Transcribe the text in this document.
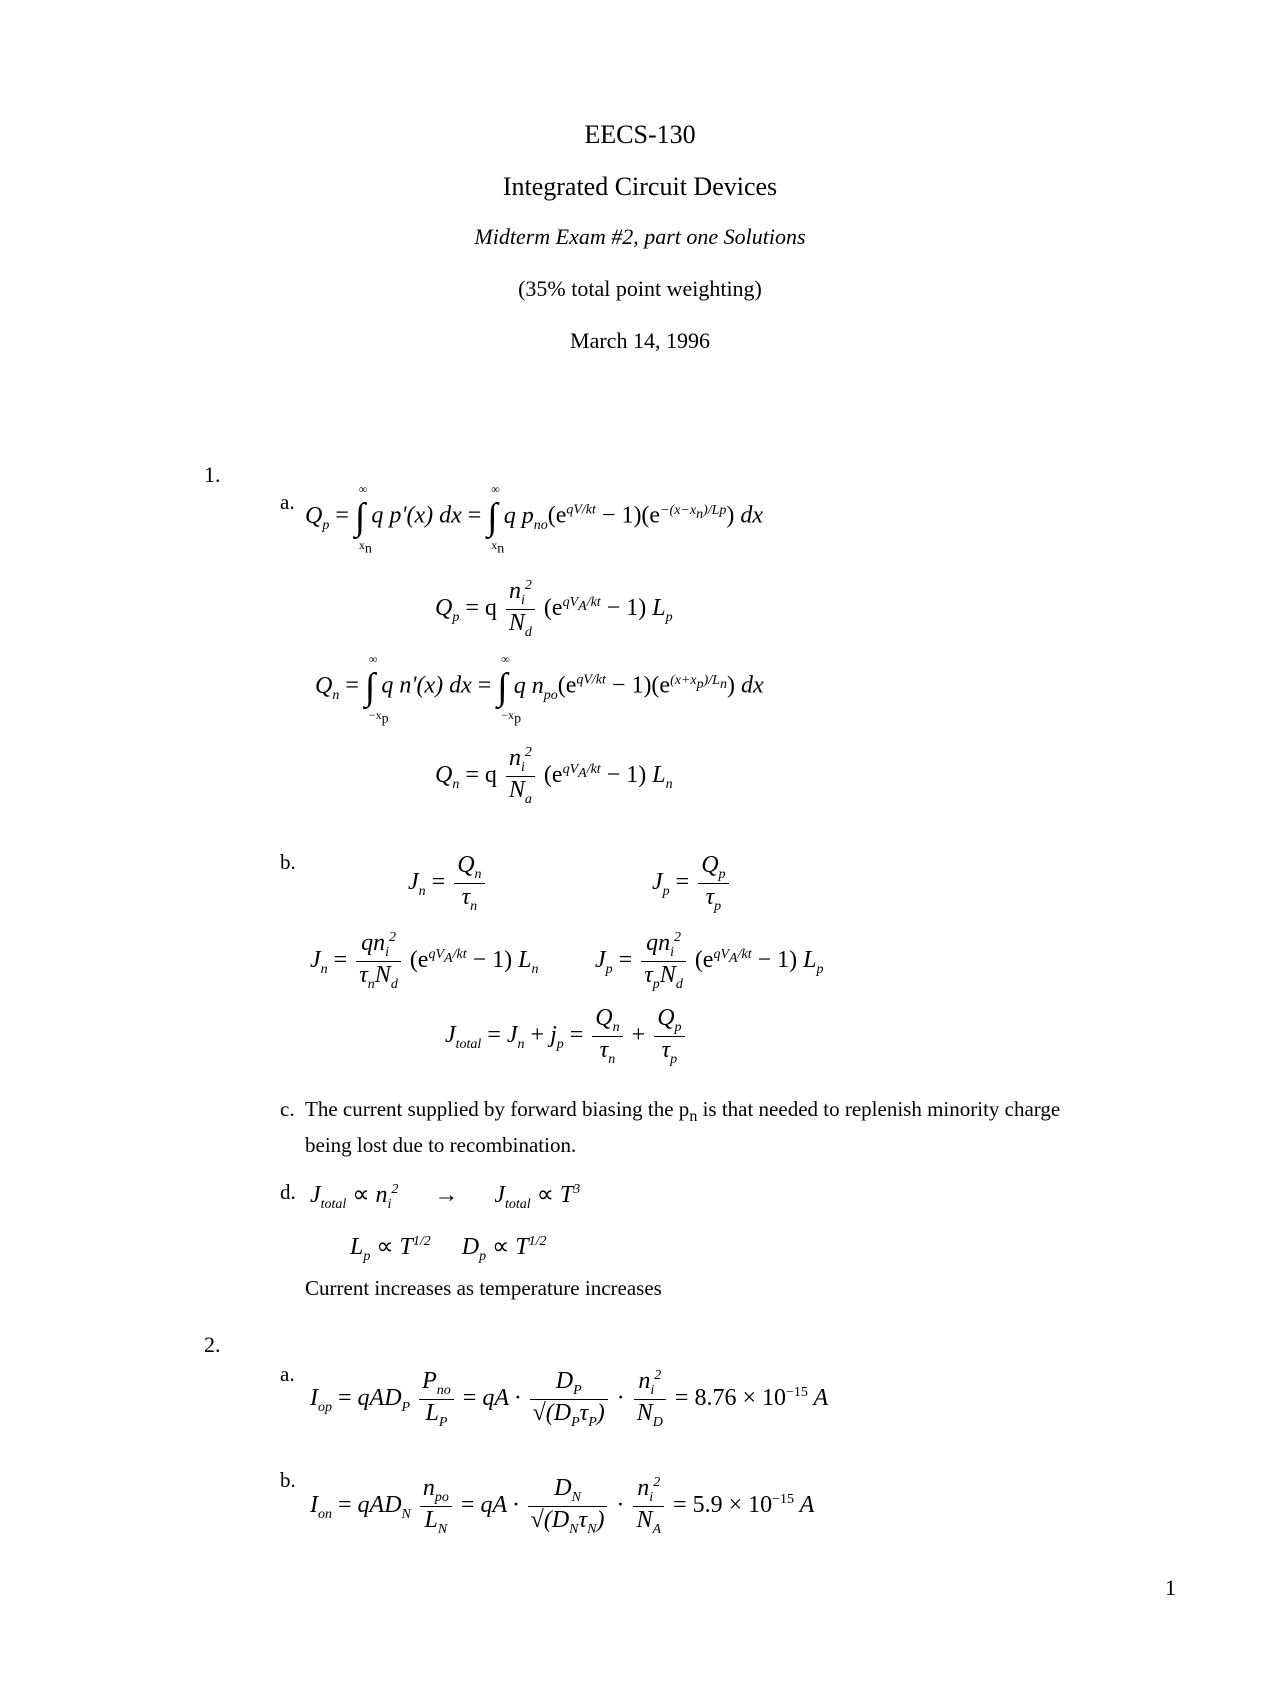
EECS-130
Integrated Circuit Devices
Midterm Exam #2, part one Solutions
(35% total point weighting)
March 14, 1996
1.
a.
$Q_p$ = ∫
∞
$x_n$
q p'(x) dx = ∫
∞
$x_n$
q $p_{no}(e^{qV/kt} - 1)(e^{-(x-x_n)/Lp})$ dx
$Q_p = q \frac{n_i^2}{N_d} (e^{qV_A/kt} - 1)$ $L_p$
$Q_n$ = ∫
∞
$-x_p$
q n'(x) dx = ∫
∞
$-x_p$
q $n_{po}(e^{qV/kt} - 1)(e^{(x+x_p)/L_n})$ dx
$Q_n = q \frac{n_i^2}{N_a} (e^{qV_A/kt} - 1)$ $L_n$
b.
$J_n = \frac{Q_n}{\tau_n}$	$J_p = \frac{Q_p}{\tau_p}$
$J_n = \frac{qn_i^2}{\tau_nN_d} (e^{qV_A/kt} - 1)$ $L_n$ $J_p = \frac{qn_i^2}{\tau_pN_d} (e^{qV_A/kt} - 1)$ $L_p$
$J_{total} = J_n + j_p = \frac{Q_n}{\tau_n} + \frac{Q_p}{\tau_p}$
c. The current supplied by forward biasing the $p_n$ is that needed to replenish minority charge
being lost due to recombination.
d. $J_{total} \propto n_i^2 \to J_{total} \propto T^3$
$L_p \propto T^{1/2}$ $D_p \propto T^{1/2}$
Current increases as temperature increases
2.
a.
$I_{op} = qAD_P \frac{P_{no}}{L_P}$ = qA · $\frac{D_P}{√(D_P\tau_P)} \cdot \frac{n_i^2}{N_D} = 8.76 \times 10^{-15}$ A
b.
$I_{on} = qAD_N \frac{n_{po}}{L_N}$ = qA · $\frac{D_N}{√(D_N\tau_N)} \cdot \frac{n_i^2}{N_A} = 5.9 \times 10^{-15}$ A
1
